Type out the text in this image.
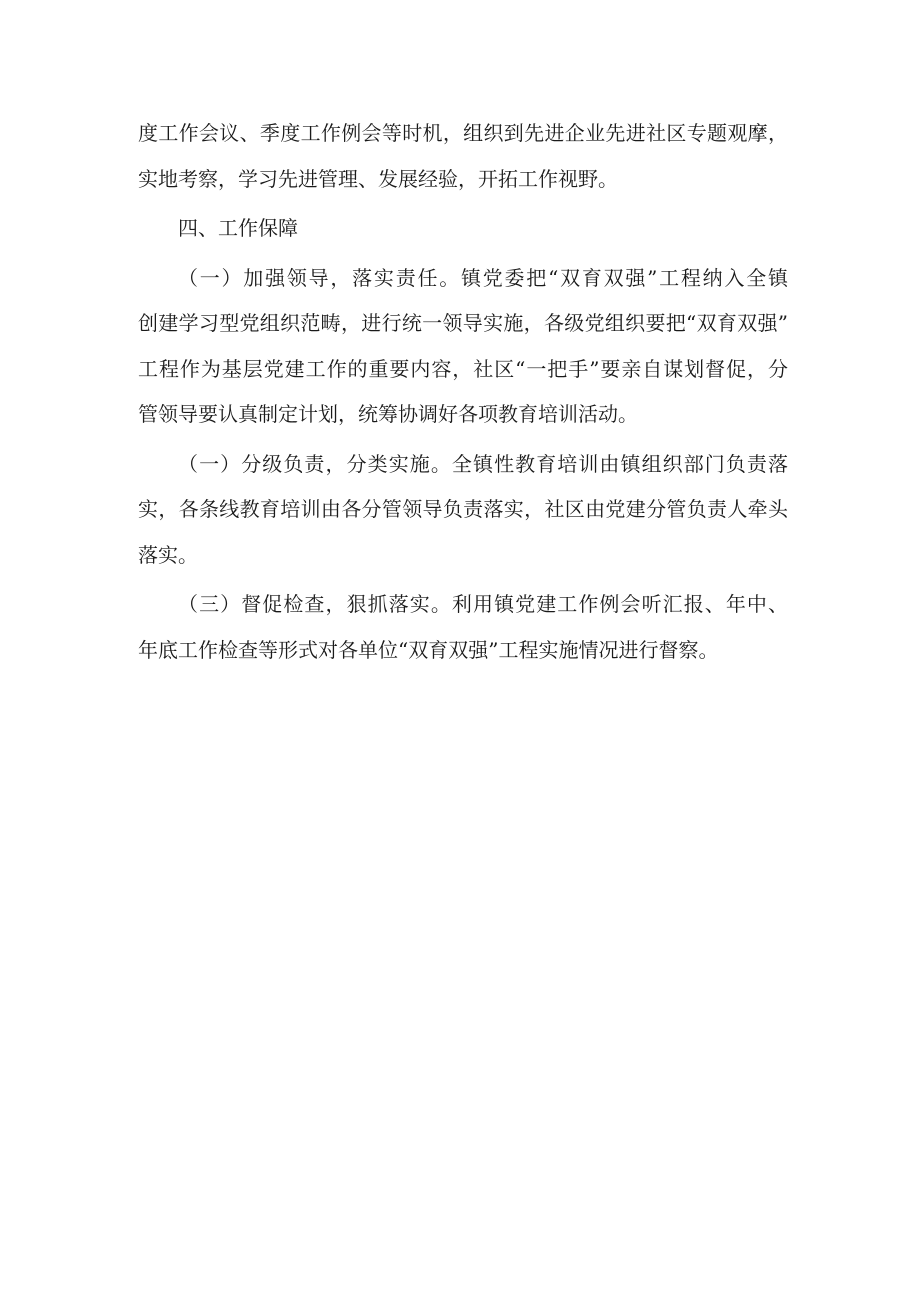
度工作会议、季度工作例会等时机，组织到先进企业先进社区专题观摩，
实地考察，学习先进管理、发展经验，开拓工作视野。
四、工作保障
（一）加强领导，落实责任。镇党委把“双育双强”工程纳入全镇
创建学习型党组织范畴，进行统一领导实施，各级党组织要把“双育双强”
工程作为基层党建工作的重要内容，社区“一把手”要亲自谋划督促，分
管领导要认真制定计划，统筹协调好各项教育培训活动。
（一）分级负责，分类实施。全镇性教育培训由镇组织部门负责落
实，各条线教育培训由各分管领导负责落实，社区由党建分管负责人牵头
落实。
（三）督促检查，狠抓落实。利用镇党建工作例会听汇报、年中、
年底工作检查等形式对各单位“双育双强”工程实施情况进行督察。
